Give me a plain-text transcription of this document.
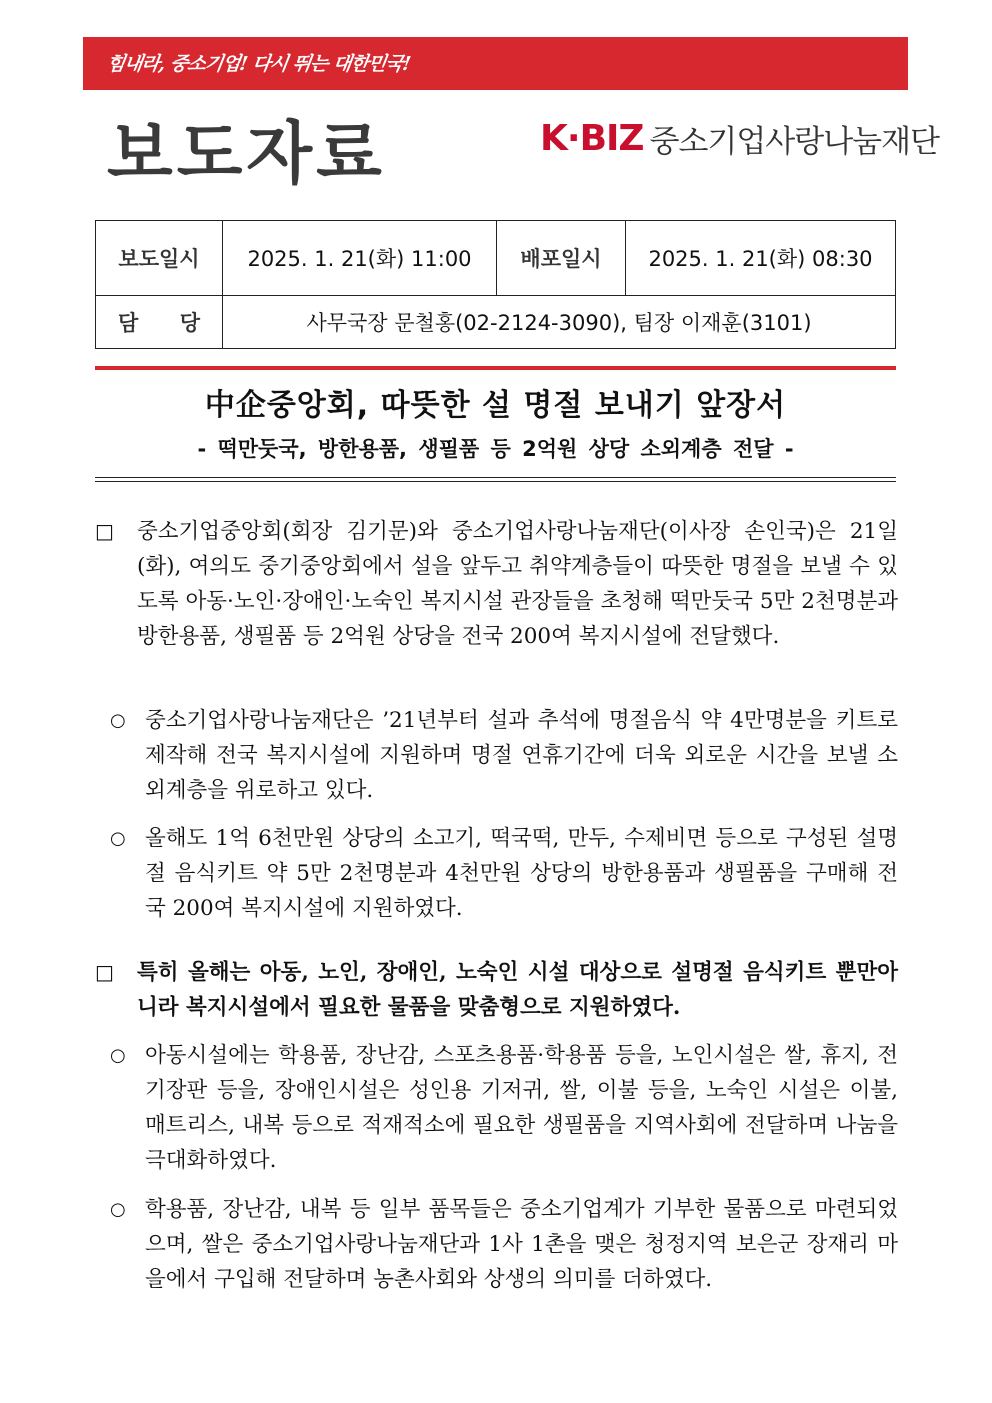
힘내라, 중소기업! 다시 뛰는 대한민국!
보도자료	K·BIZ 중소기업사랑나눔재단
보도일시	2025. 1. 21(화) 11:00	배포일시	2025. 1. 21(화) 08:30

담 당	사무국장 문철홍(02-2124-3090), 팀장 이재훈(3101)		
中企중앙회, 따뜻한 설 명절 보내기 앞장서
- 떡만둣국, 방한용품, 생필품 등 2억원 상당 소외계층 전달 -
□ 중소기업중앙회(회장 김기문)와 중소기업사랑나눔재단(이사장 손인국)은 21일(화), 여의도 중기중앙회에서 설을 앞두고 취약계층들이 따뜻한 명절을 보낼 수 있도록 아동·노인·장애인·노숙인 복지시설 관장들을 초청해 떡만둣국 5만 2천명분과 방한용품, 생필품 등 2억원 상당을 전국 200여 복지시설에 전달했다.
○ 중소기업사랑나눔재단은 ’21년부터 설과 추석에 명절음식 약 4만명분을 키트로 제작해 전국 복지시설에 지원하며 명절 연휴기간에 더욱 외로운 시간을 보낼 소외계층을 위로하고 있다.
○ 올해도 1억 6천만원 상당의 소고기, 떡국떡, 만두, 수제비면 등으로 구성된 설명절 음식키트 약 5만 2천명분과 4천만원 상당의 방한용품과 생필품을 구매해 전국 200여 복지시설에 지원하였다.
□ 특히 올해는 아동, 노인, 장애인, 노숙인 시설 대상으로 설명절 음식키트 뿐만아니라 복지시설에서 필요한 물품을 맞춤형으로 지원하였다.
○ 아동시설에는 학용품, 장난감, 스포츠용품·학용품 등을, 노인시설은 쌀, 휴지, 전기장판 등을, 장애인시설은 성인용 기저귀, 쌀, 이불 등을, 노숙인 시설은 이불, 매트리스, 내복 등으로 적재적소에 필요한 생필품을 지역사회에 전달하며 나눔을 극대화하였다.
○ 학용품, 장난감, 내복 등 일부 품목들은 중소기업계가 기부한 물품으로 마련되었으며, 쌀은 중소기업사랑나눔재단과 1사 1촌을 맺은 청정지역 보은군 장재리 마을에서 구입해 전달하며 농촌사회와 상생의 의미를 더하였다.
